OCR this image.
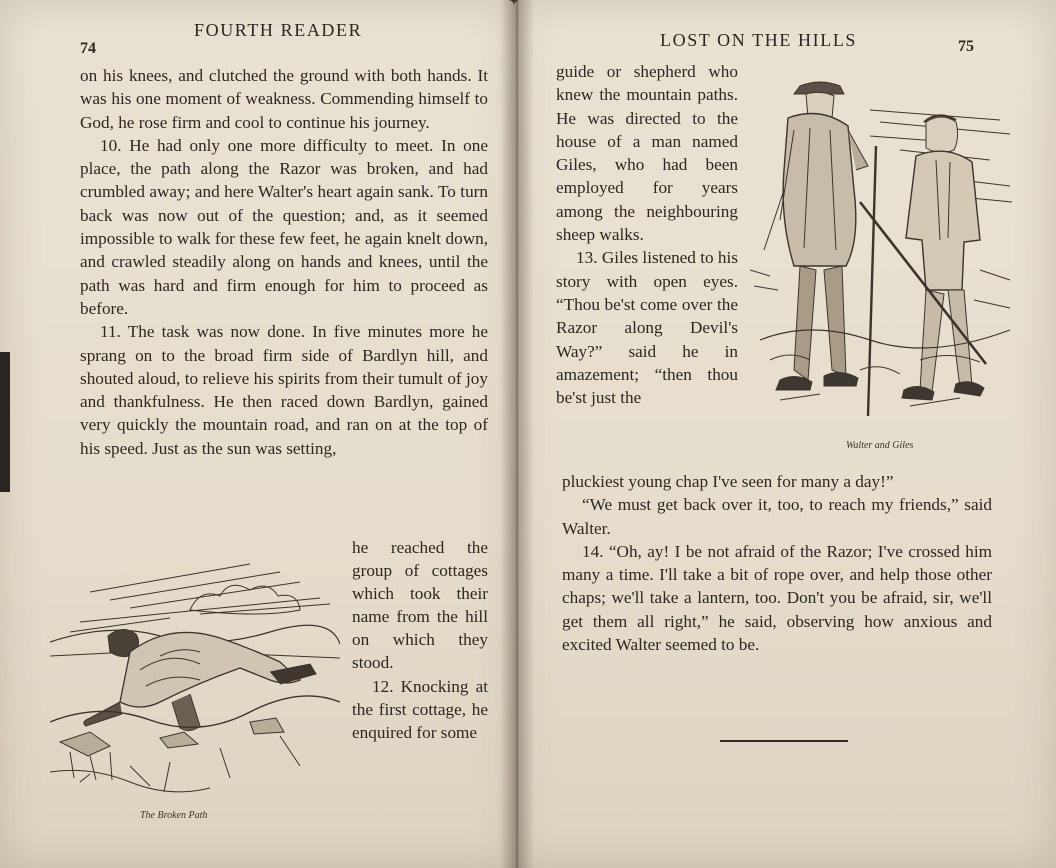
FOURTH READER
74

on his knees, and clutched the ground with both hands. It was his one moment of weakness. Commending himself to God, he rose firm and cool to continue his journey.

10. He had only one more difficulty to meet. In one place, the path along the Razor was broken, and had crumbled away; and here Walter's heart again sank. To turn back was now out of the question; and, as it seemed impossible to walk for these few feet, he again knelt down, and crawled steadily along on hands and knees, until the path was hard and firm enough for him to proceed as before.

11. The task was now done. In five minutes more he sprang on to the broad firm side of Bardlyn hill, and shouted aloud, to relieve his spirits from their tumult of joy and thankfulness. He then raced down Bardlyn, gained very quickly the mountain road, and ran on at the top of his speed. Just as the sun was setting,

he reached the group of cottages which took their name from the hill on which they stood.

12. Knocking at the first cottage, he enquired for some

The Broken Path
LOST ON THE HILLS	75

guide or shepherd who knew the mountain paths. He was directed to the house of a man named Giles, who had been employed for years among the neighbouring sheep walks.

13. Giles listened to his story with open eyes. “Thou be'st come over the Razor along Devil's Way?” said he in amazement; “then thou be'st just the

pluckiest young chap I've seen for many a day!”

“We must get back over it, too, to reach my friends,” said Walter.

14. “Oh, ay! I be not afraid of the Razor; I've crossed him many a time. I'll take a bit of rope over, and help those other chaps; we'll take a lantern, too. Don't you be afraid, sir, we'll get them all right,” he said, observing how anxious and excited Walter seemed to be.

Walter and Giles
